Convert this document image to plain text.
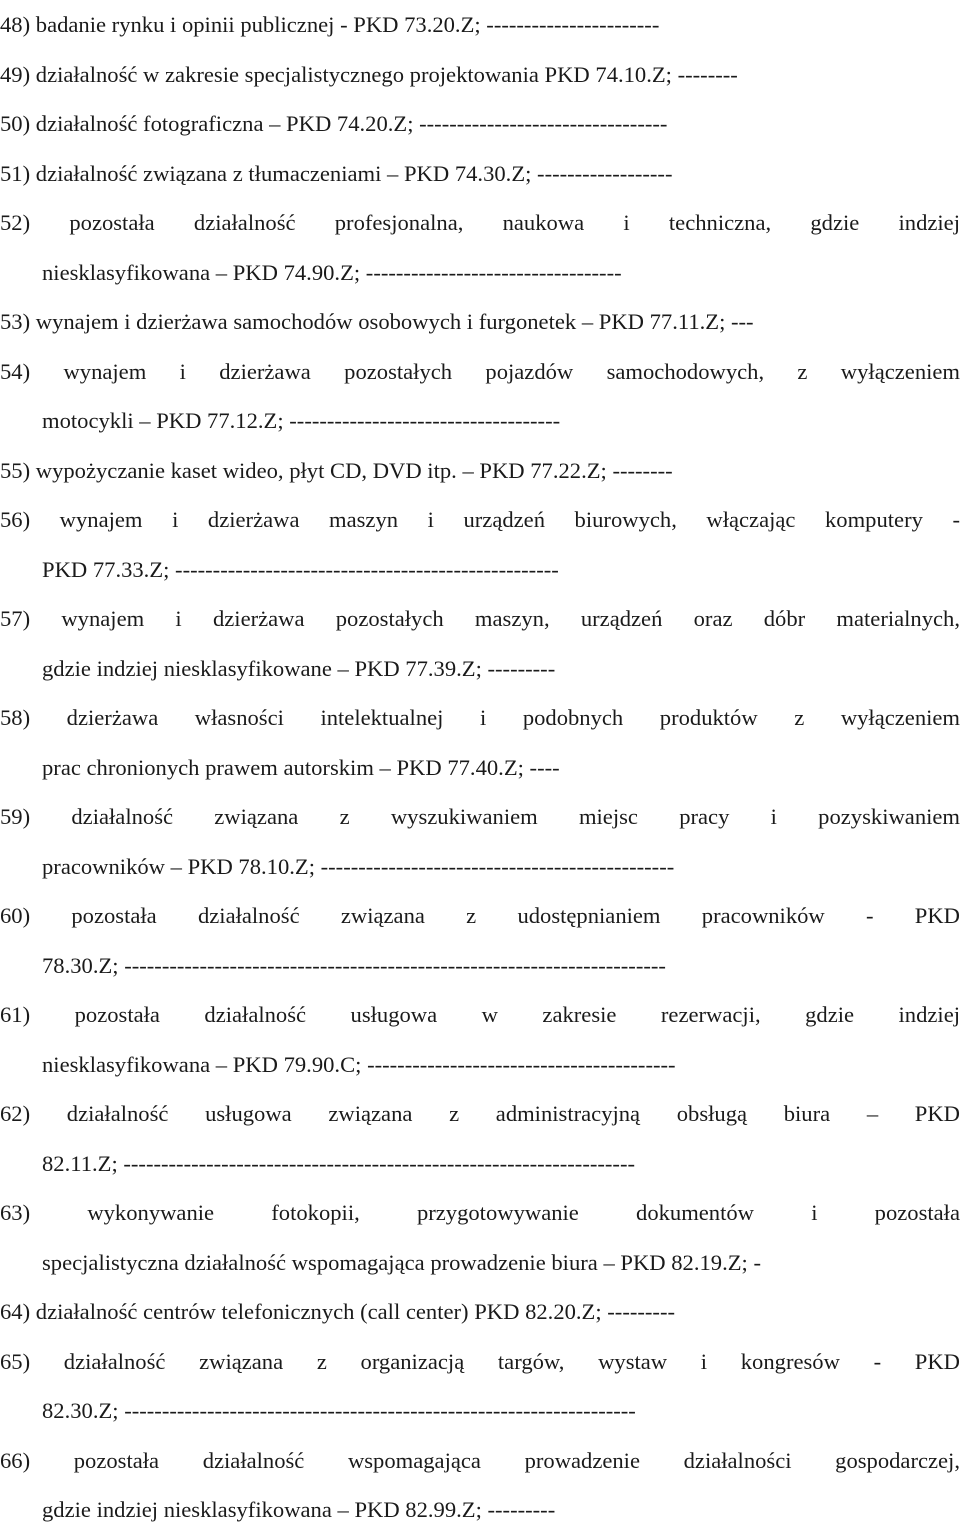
48) badanie rynku i opinii publicznej - PKD 73.20.Z; -----------------------
49) działalność w zakresie specjalistycznego projektowania PKD 74.10.Z; --------
50) działalność fotograficzna – PKD 74.20.Z; ---------------------------------
51) działalność związana z tłumaczeniami – PKD 74.30.Z; ------------------
52) pozostała działalność profesjonalna, naukowa i techniczna, gdzie indziej
niesklasyfikowana – PKD 74.90.Z; ----------------------------------
53) wynajem i dzierżawa samochodów osobowych i furgonetek – PKD 77.11.Z; ---
54) wynajem i dzierżawa pozostałych pojazdów samochodowych, z wyłączeniem
motocykli – PKD 77.12.Z; ------------------------------------
55) wypożyczanie kaset wideo, płyt CD, DVD itp. – PKD 77.22.Z; --------
56) wynajem i dzierżawa maszyn i urządzeń biurowych, włączając komputery -
PKD 77.33.Z; ---------------------------------------------------
57) wynajem i dzierżawa pozostałych maszyn, urządzeń oraz dóbr materialnych,
gdzie indziej niesklasyfikowane – PKD 77.39.Z; ---------
58) dzierżawa własności intelektualnej i podobnych produktów z wyłączeniem
prac chronionych prawem autorskim – PKD 77.40.Z; ----
59) działalność związana z wyszukiwaniem miejsc pracy i pozyskiwaniem
pracowników – PKD 78.10.Z; -----------------------------------------------
60) pozostała działalność związana z udostępnianiem pracowników - PKD
78.30.Z; ------------------------------------------------------------------------
61) pozostała działalność usługowa w zakresie rezerwacji, gdzie indziej
niesklasyfikowana – PKD 79.90.C; -----------------------------------------
62) działalność usługowa związana z administracyjną obsługą biura – PKD
82.11.Z; --------------------------------------------------------------------
63) wykonywanie fotokopii, przygotowywanie dokumentów i pozostała
specjalistyczna działalność wspomagająca prowadzenie biura – PKD 82.19.Z; -
64) działalność centrów telefonicznych (call center) PKD 82.20.Z; ---------
65) działalność związana z organizacją targów, wystaw i kongresów - PKD
82.30.Z; --------------------------------------------------------------------
66) pozostała działalność wspomagająca prowadzenie działalności gospodarczej,
gdzie indziej niesklasyfikowana – PKD 82.99.Z; ---------
